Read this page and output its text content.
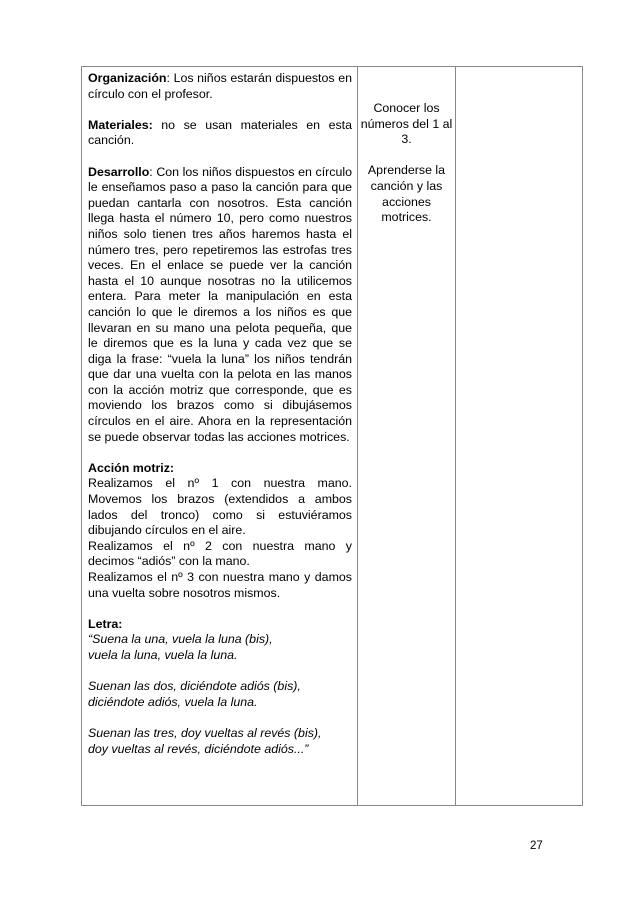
Organización: Los niños estarán dispuestos en círculo con el profesor.

Materiales: no se usan materiales en esta canción.

Desarrollo: Con los niños dispuestos en círculo le enseñamos paso a paso la canción para que puedan cantarla con nosotros. Esta canción llega hasta el número 10, pero como nuestros niños solo tienen tres años haremos hasta el número tres, pero repetiremos las estrofas tres veces. En el enlace se puede ver la canción hasta el 10 aunque nosotras no la utilicemos entera. Para meter la manipulación en esta canción lo que le diremos a los niños es que llevaran en su mano una pelota pequeña, que le diremos que es la luna y cada vez que se diga la frase: “vuela la luna” los niños tendrán que dar una vuelta con la pelota en las manos con la acción motriz que corresponde, que es moviendo los brazos como si dibujásemos círculos en el aire. Ahora en la representación se puede observar todas las acciones motrices.

Acción motriz:

Realizamos el nº 1 con nuestra mano. Movemos los brazos (extendidos a ambos lados del tronco) como si estuviéramos dibujando círculos en el aire.

Realizamos el nº 2 con nuestra mano y decimos “adiós” con la mano.

Realizamos el nº 3 con nuestra mano y damos una vuelta sobre nosotros mismos.

Letra:

“Suena la una, vuela la luna (bis),

vuela la luna, vuela la luna.

Suenan las dos, diciéndote adiós (bis),

diciéndote adiós, vuela la luna.

Suenan las tres, doy vueltas al revés (bis),

doy vueltas al revés, diciéndote adiós...”

Conocer los números del 1 al 3.

Aprenderse la canción y las acciones motrices.

27
